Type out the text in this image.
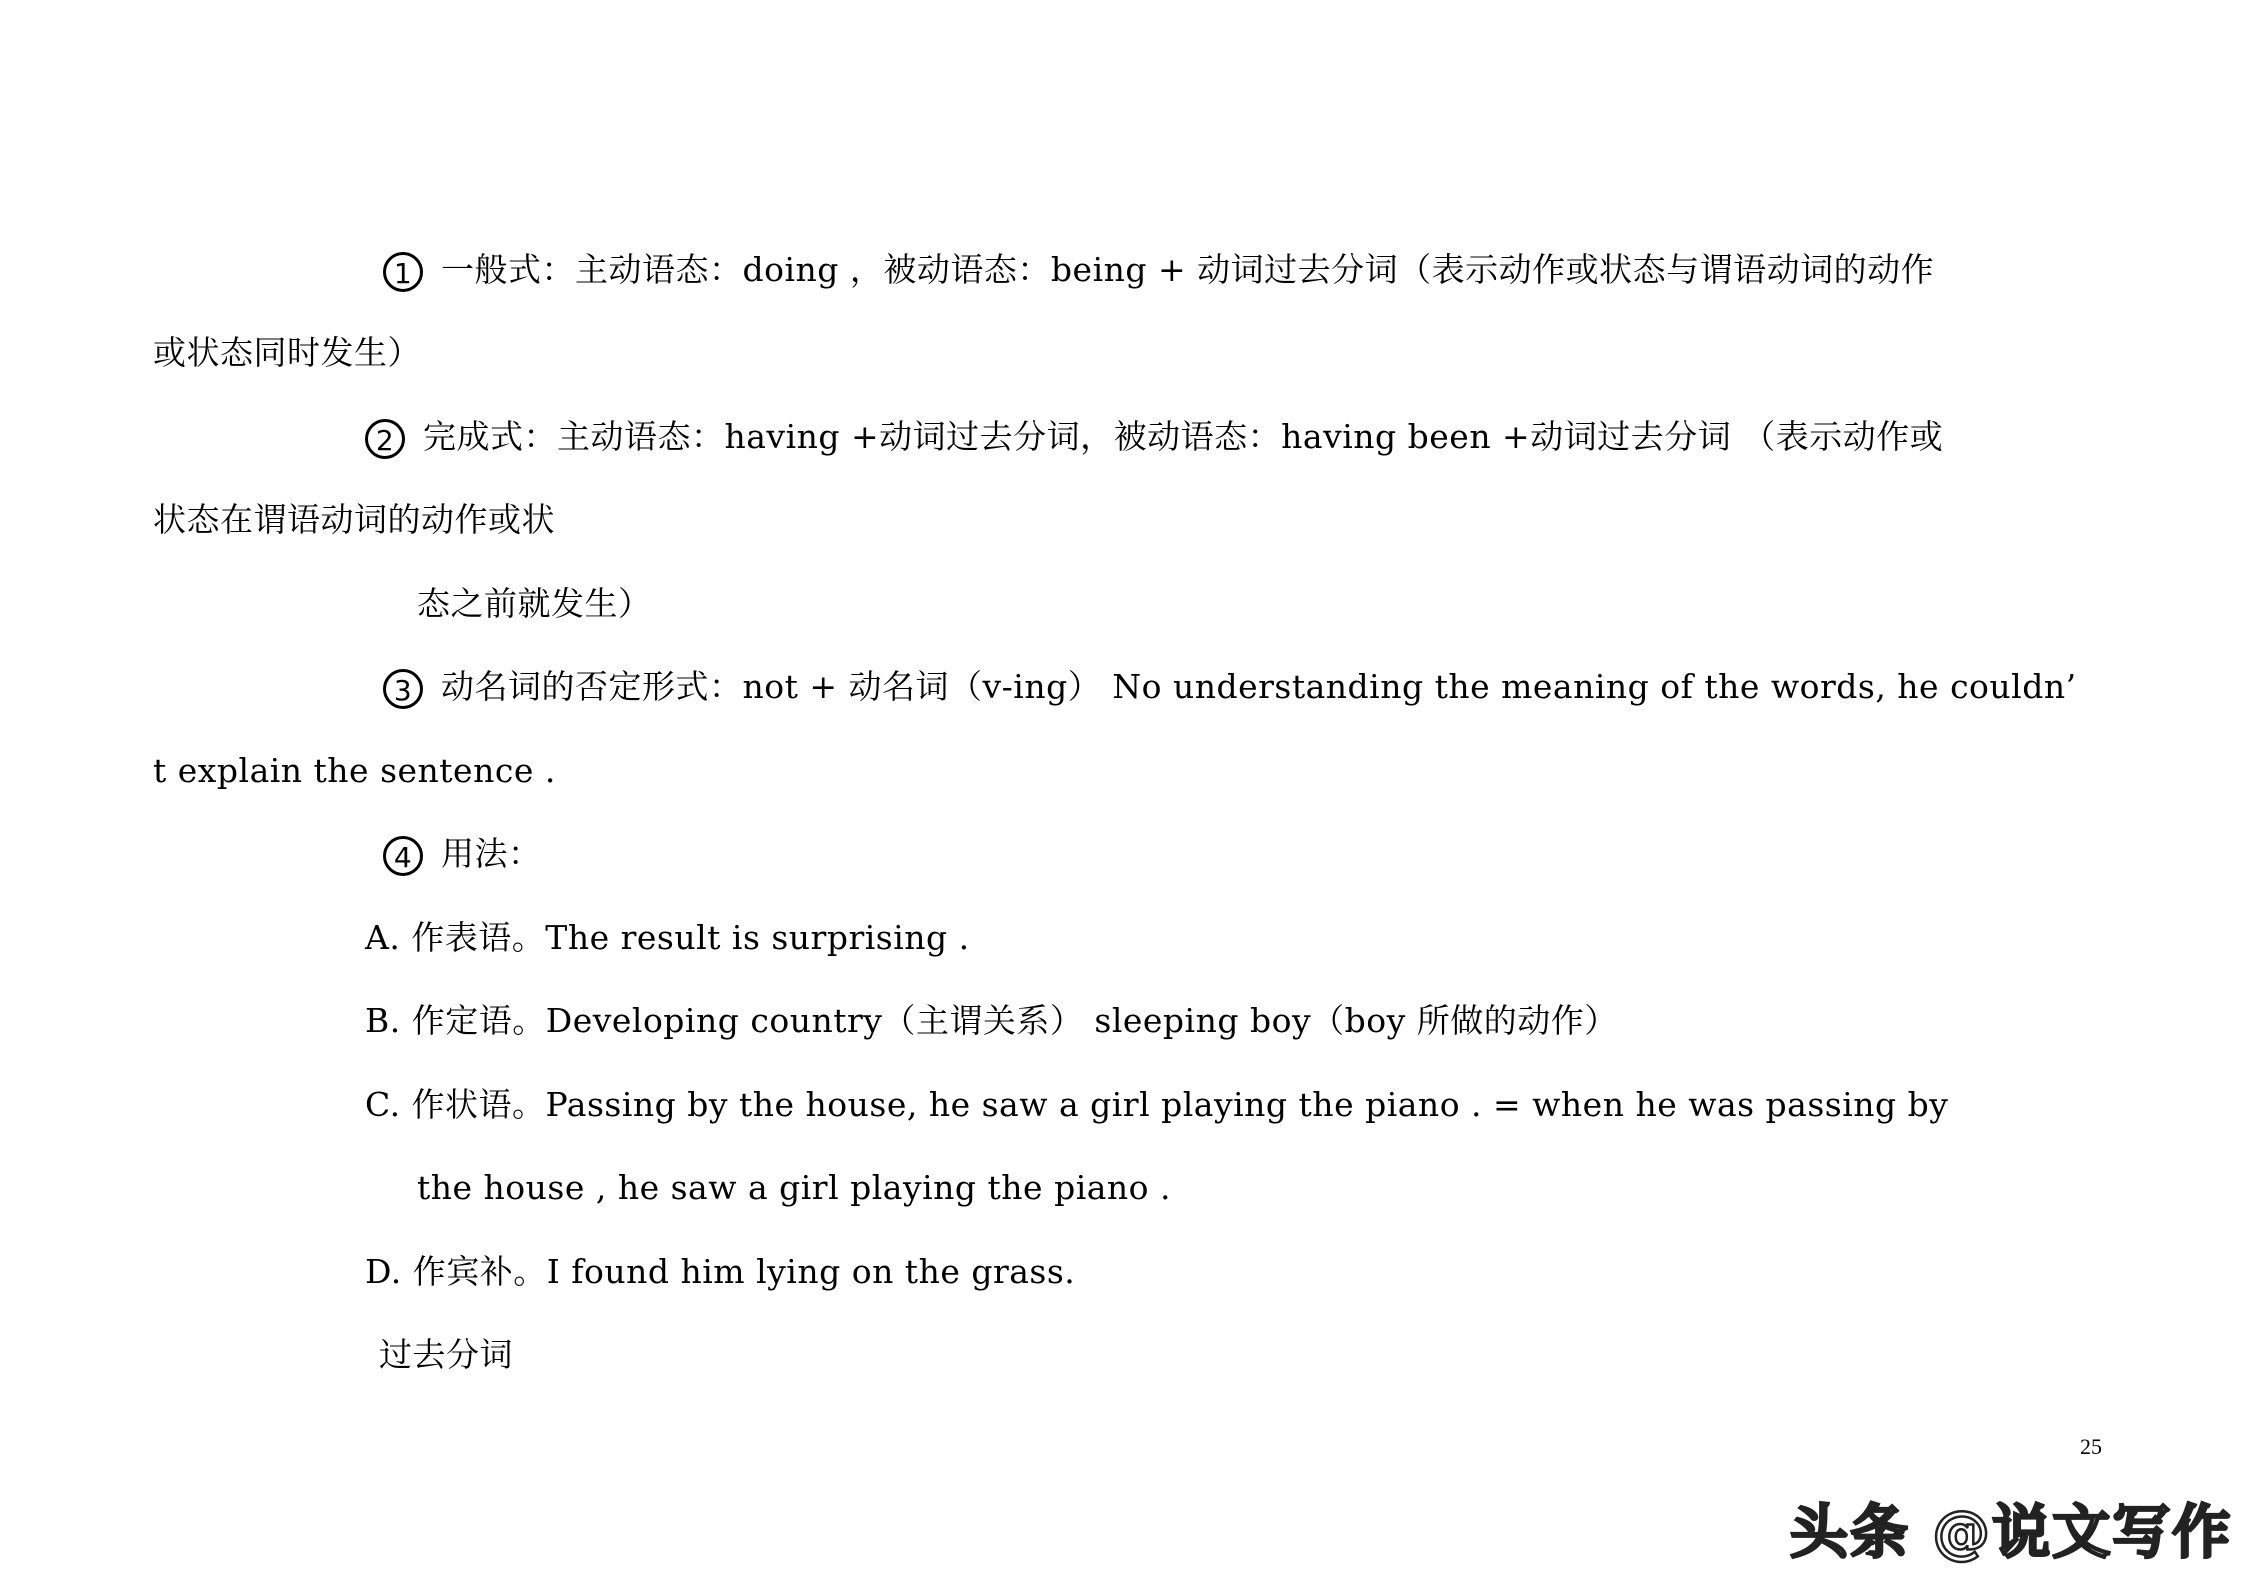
1 一般式：主动语态：doing ，被动语态：being + 动词过去分词（表示动作或状态与谓语动词的动作
或状态同时发生）
2 完成式：主动语态：having +动词过去分词，被动语态：having been +动词过去分词 （表示动作或
状态在谓语动词的动作或状
态之前就发生）
3 动名词的否定形式：not + 动名词（v-ing） No understanding the meaning of the words, he couldn’
t explain the sentence .
4 用法：
A. 作表语。The result is surprising .
B. 作定语。Developing country（主谓关系） sleeping boy（boy 所做的动作）
C. 作状语。Passing by the house, he saw a girl playing the piano . = when he was passing by
the house , he saw a girl playing the piano .
D. 作宾补。I found him lying on the grass.
过去分词
25
头条 @说文写作
